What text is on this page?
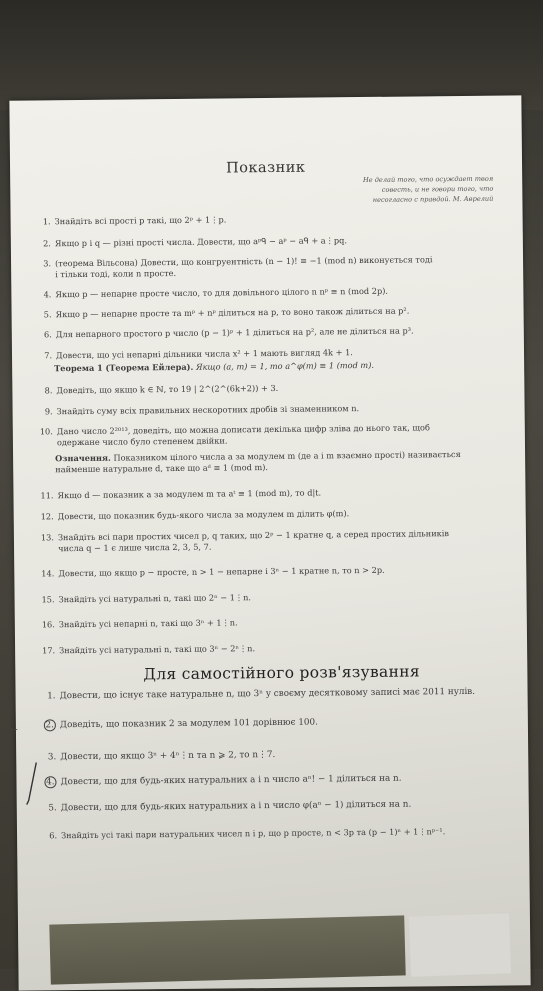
Показник
Не делай того, что осуждает твоя
совесть, и не говори того, что
несогласно с правдой. М. Аврелий
1. Знайдіть всі прості p такі, що 2ᵖ + 1⋮p.
2. Якщо p і q — різні прості числа. Довести, що aᵖᑫ − aᵖ − aᑫ + a⋮pq.
3. (теорема Вільсона) Довести, що конгруентність (n − 1)! ≡ −1 (mod n) виконується тоді
і тільки тоді, коли n просте.
4. Якщо p — непарне просте число, то для довільного цілого n nᵖ ≡ n (mod 2p).
5. Якщо p — непарне просте та mᵖ + nᵖ ділиться на p, то воно також ділиться на p².
6. Для непарного простого p число (p − 1)ᵖ + 1 ділиться на p², але не ділиться на p³.
7. Довести, що усі непарні дільники числа x² + 1 мають вигляд 4k + 1.
Теорема 1 (Теорема Ейлера). Якщо (a, m) = 1, то a^φ(m) ≡ 1 (mod m).
8. Доведіть, що якщо k ∈ ℕ, то 19 | 2^(2^(6k+2)) + 3.
9. Знайдіть суму всіх правильних нескоротних дробів зі знаменником n.
10. Дано число 2²⁰¹³, доведіть, що можна дописати декілька цифр зліва до нього так, щоб
одержане число було степенем двійки.
Означення. Показником цілого числа a за модулем m (де a і m взаємно прості) називається
найменше натуральне d, таке що aᵈ ≡ 1 (mod m).
11. Якщо d — показник a за модулем m та aᵗ ≡ 1 (mod m), то d|t.
12. Довести, що показник будь-якого числа за модулем m ділить φ(m).
13. Знайдіть всі пари простих чисел p, q таких, що 2ᵖ − 1 кратне q, а серед простих дільників
числа q − 1 є лише числа 2, 3, 5, 7.
14. Довести, що якщо p − просте, n > 1 − непарне і 3ⁿ − 1 кратне n, то n > 2p.
15. Знайдіть усі натуральні n, такі що 2ⁿ − 1⋮n.
16. Знайдіть усі непарні n, такі що 3ⁿ + 1⋮n.
17. Знайдіть усі натуральні n, такі що 3ⁿ − 2ⁿ⋮n.
Для самостійного розв'язування
1. Довести, що існує таке натуральне n, що 3ⁿ у своєму десятковому записі має 2011 нулів.
2. Доведіть, що показник 2 за модулем 101 дорівнює 100.
3. Довести, що якщо 3ⁿ + 4ⁿ⋮n та n ⩾ 2, то n⋮7.
4. Довести, що для будь-яких натуральних a і n число aⁿ! − 1 ділиться на n.
5. Довести, що для будь-яких натуральних a і n число φ(aⁿ − 1) ділиться на n.
6. Знайдіть усі такі пари натуральних чисел n і p, що p просте, n < 3p та (p − 1)ⁿ + 1⋮nᵖ⁻¹.
−
